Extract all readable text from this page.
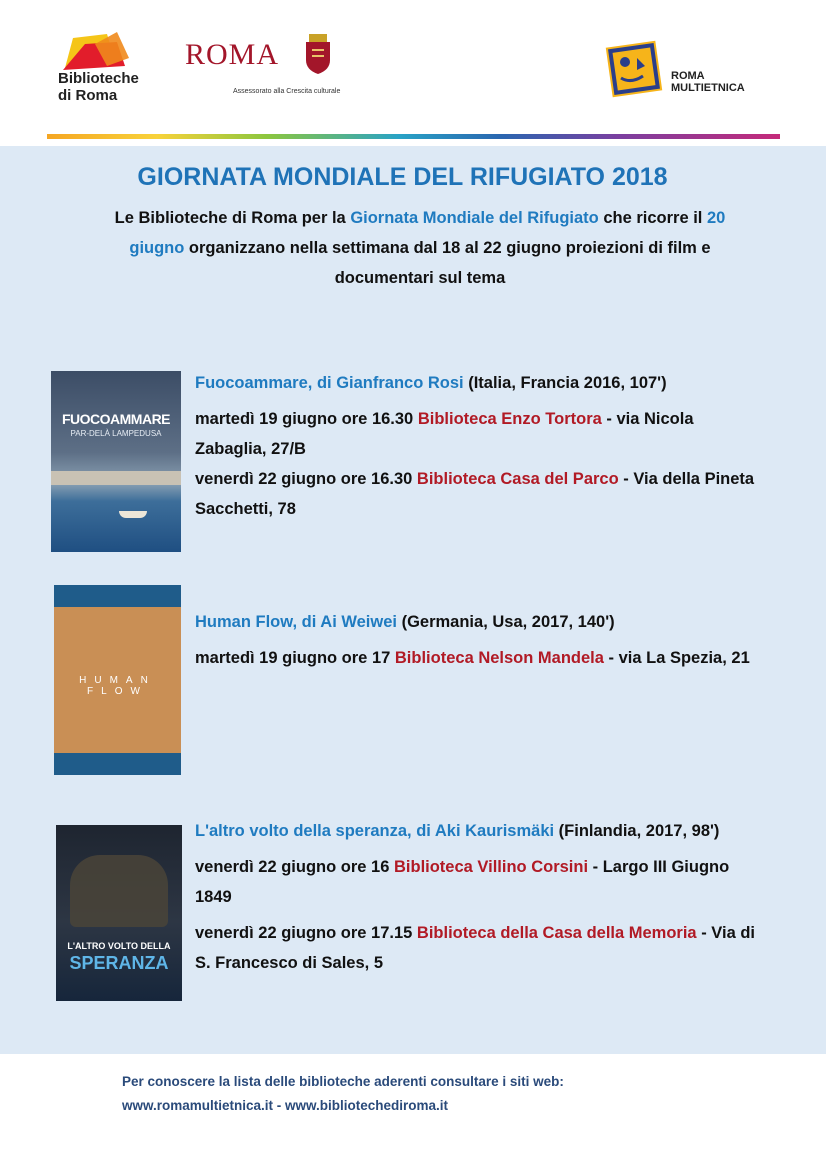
Biblioteche
di Roma
ROMA
Assessorato alla Crescita culturale
ROMA
MULTIETNICA
GIORNATA MONDIALE DEL RIFUGIATO 2018
Le Biblioteche di Roma per la Giornata Mondiale del Rifugiato che ricorre il 20 giugno organizzano nella settimana dal 18 al 22 giugno proiezioni di film e documentari sul tema
FUOCOAMMARE
PAR-DELÀ LAMPEDUSA

Fuocoammare, di Gianfranco Rosi (Italia, Francia 2016, 107')

martedì 19 giugno ore 16.30 Biblioteca Enzo Tortora - via Nicola Zabaglia, 27/B

venerdì 22 giugno ore 16.30 Biblioteca Casa del Parco - Via della Pineta Sacchetti, 78

HUMAN FLOW

Human Flow, di Ai Weiwei (Germania, Usa, 2017, 140')

martedì 19 giugno ore 17 Biblioteca Nelson Mandela - via La Spezia, 21

L'ALTRO VOLTO DELLA
SPERANZA

L'altro volto della speranza, di Aki Kaurismäki (Finlandia, 2017, 98')

venerdì 22 giugno ore 16 Biblioteca Villino Corsini - Largo III Giugno 1849

venerdì 22 giugno ore 17.15 Biblioteca della Casa della Memoria - Via di S. Francesco di Sales, 5

Per conoscere la lista delle biblioteche aderenti consultare i siti web:
www.romamultietnica.it - www.bibliotechediroma.it
